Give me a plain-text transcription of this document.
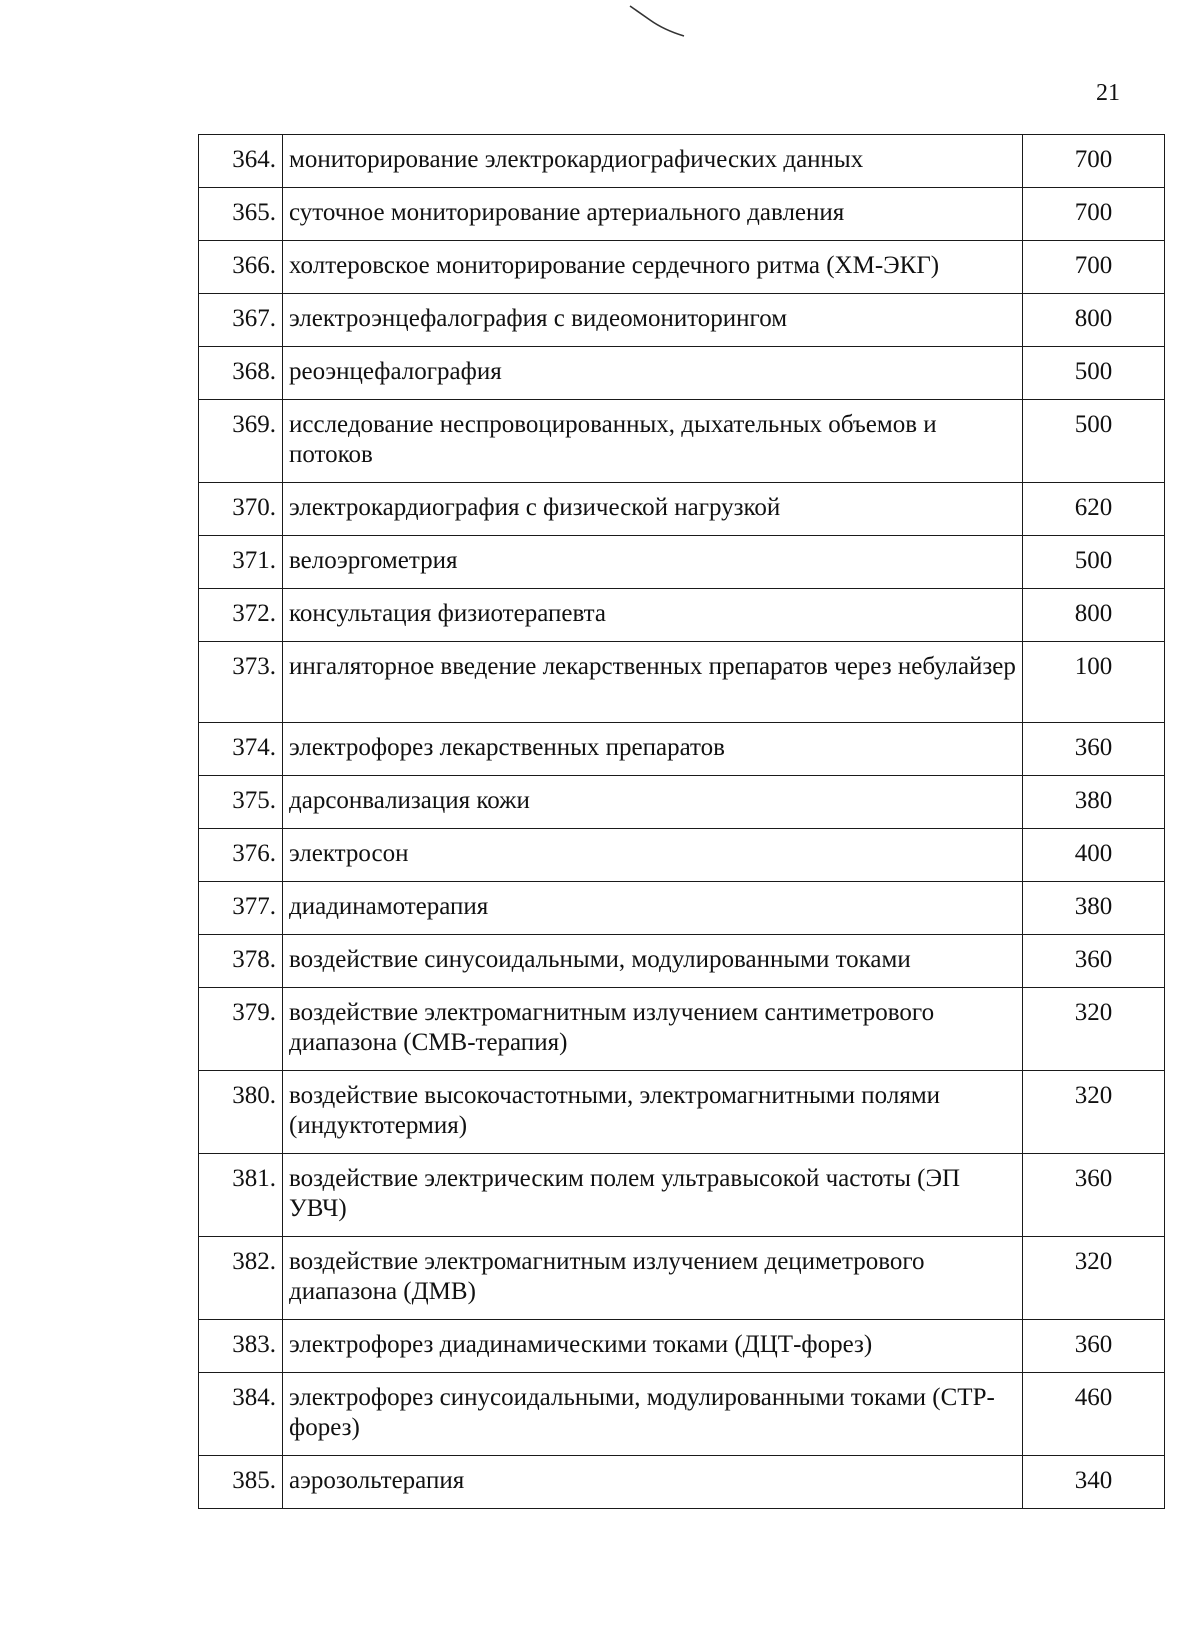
21
364.	мониторирование электрокардиографических данных	700
365.	суточное мониторирование артериального давления	700
366.	холтеровское мониторирование сердечного ритма (ХМ-ЭКГ)	700
367.	электроэнцефалография с видеомониторингом	800
368.	реоэнцефалография	500
369.	исследование неспровоцированных, дыхательных объемов и потоков	500
370.	электрокардиография с физической нагрузкой	620
371.	велоэргометрия	500
372.	консультация физиотерапевта	800
373.	ингаляторное введение лекарственных препаратов через небулайзер	100
374.	электрофорез лекарственных препаратов	360
375.	дарсонвализация кожи	380
376.	электросон	400
377.	диадинамотерапия	380
378.	воздействие синусоидальными, модулированными токами	360
379.	воздействие электромагнитным излучением сантиметрового диапазона (СМВ-терапия)	320
380.	воздействие высокочастотными, электромагнитными полями (индуктотермия)	320
381.	воздействие электрическим полем ультравысокой частоты (ЭП УВЧ)	360
382.	воздействие электромагнитным излучением дециметрового диапазона (ДМВ)	320
383.	электрофорез диадинамическими токами (ДЦТ-форез)	360
384.	электрофорез синусоидальными, модулированными токами (СТР-форез)	460
385.	аэрозольтерапия	340
